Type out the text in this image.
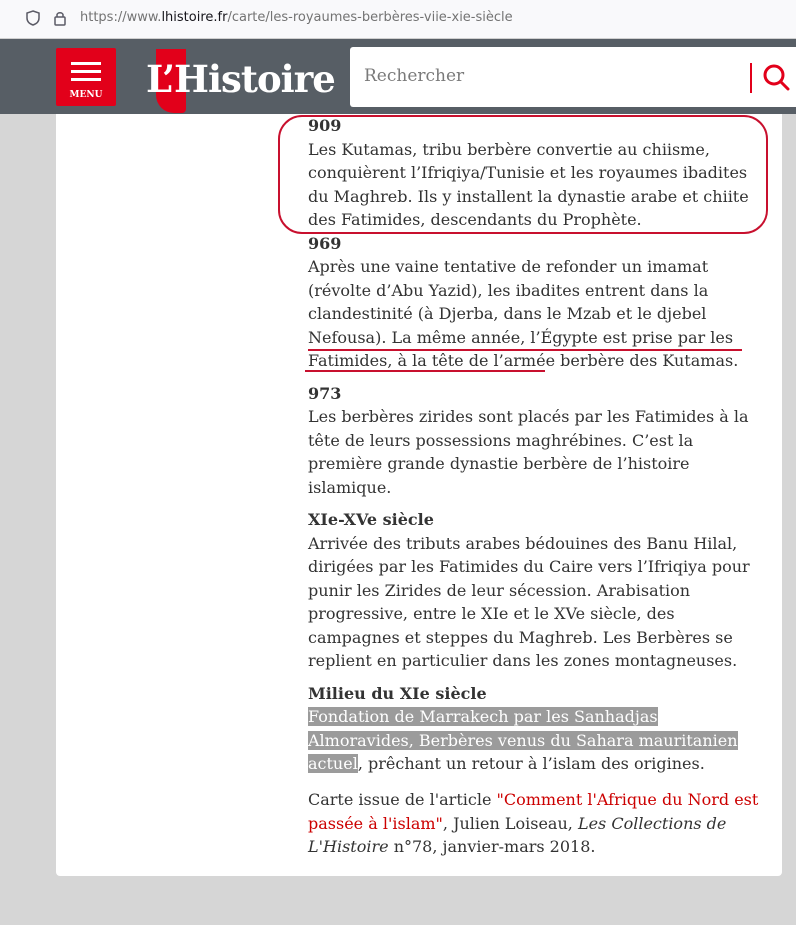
https://www.lhistoire.fr/carte/les-royaumes-berbères-viie-xie-siècle
MENU	L’Histoire
Rechercher

909
Les Kutamas, tribu berbère convertie au chiisme, conquièrent l’Ifriqiya/Tunisie et les royaumes ibadites du Maghreb. Ils y installent la dynastie arabe et chiite des Fatimides, descendants du Prophète.

969
Après une vaine tentative de refonder un imamat (révolte d’Abu Yazid), les ibadites entrent dans la clandestinité (à Djerba, dans le Mzab et le djebel Nefousa). La même année, l’Égypte est prise par les Fatimides, à la tête de l’armée berbère des Kutamas.

973
Les berbères zirides sont placés par les Fatimides à la tête de leurs possessions maghrébines. C’est la première grande dynastie berbère de l’histoire islamique.

XIe-XVe siècle
Arrivée des tributs arabes bédouines des Banu Hilal, dirigées par les Fatimides du Caire vers l’Ifriqiya pour punir les Zirides de leur sécession. Arabisation progressive, entre le XIe et le XVe siècle, des campagnes et steppes du Maghreb. Les Berbères se replient en particulier dans les zones montagneuses.

Milieu du XIe siècle
Fondation de Marrakech par les Sanhadjas Almoravides, Berbères venus du Sahara mauritanien actuel, prêchant un retour à l’islam des origines.

Carte issue de l'article "Comment l'Afrique du Nord est passée à l'islam", Julien Loiseau, Les Collections de L'Histoire n°78, janvier-mars 2018.
